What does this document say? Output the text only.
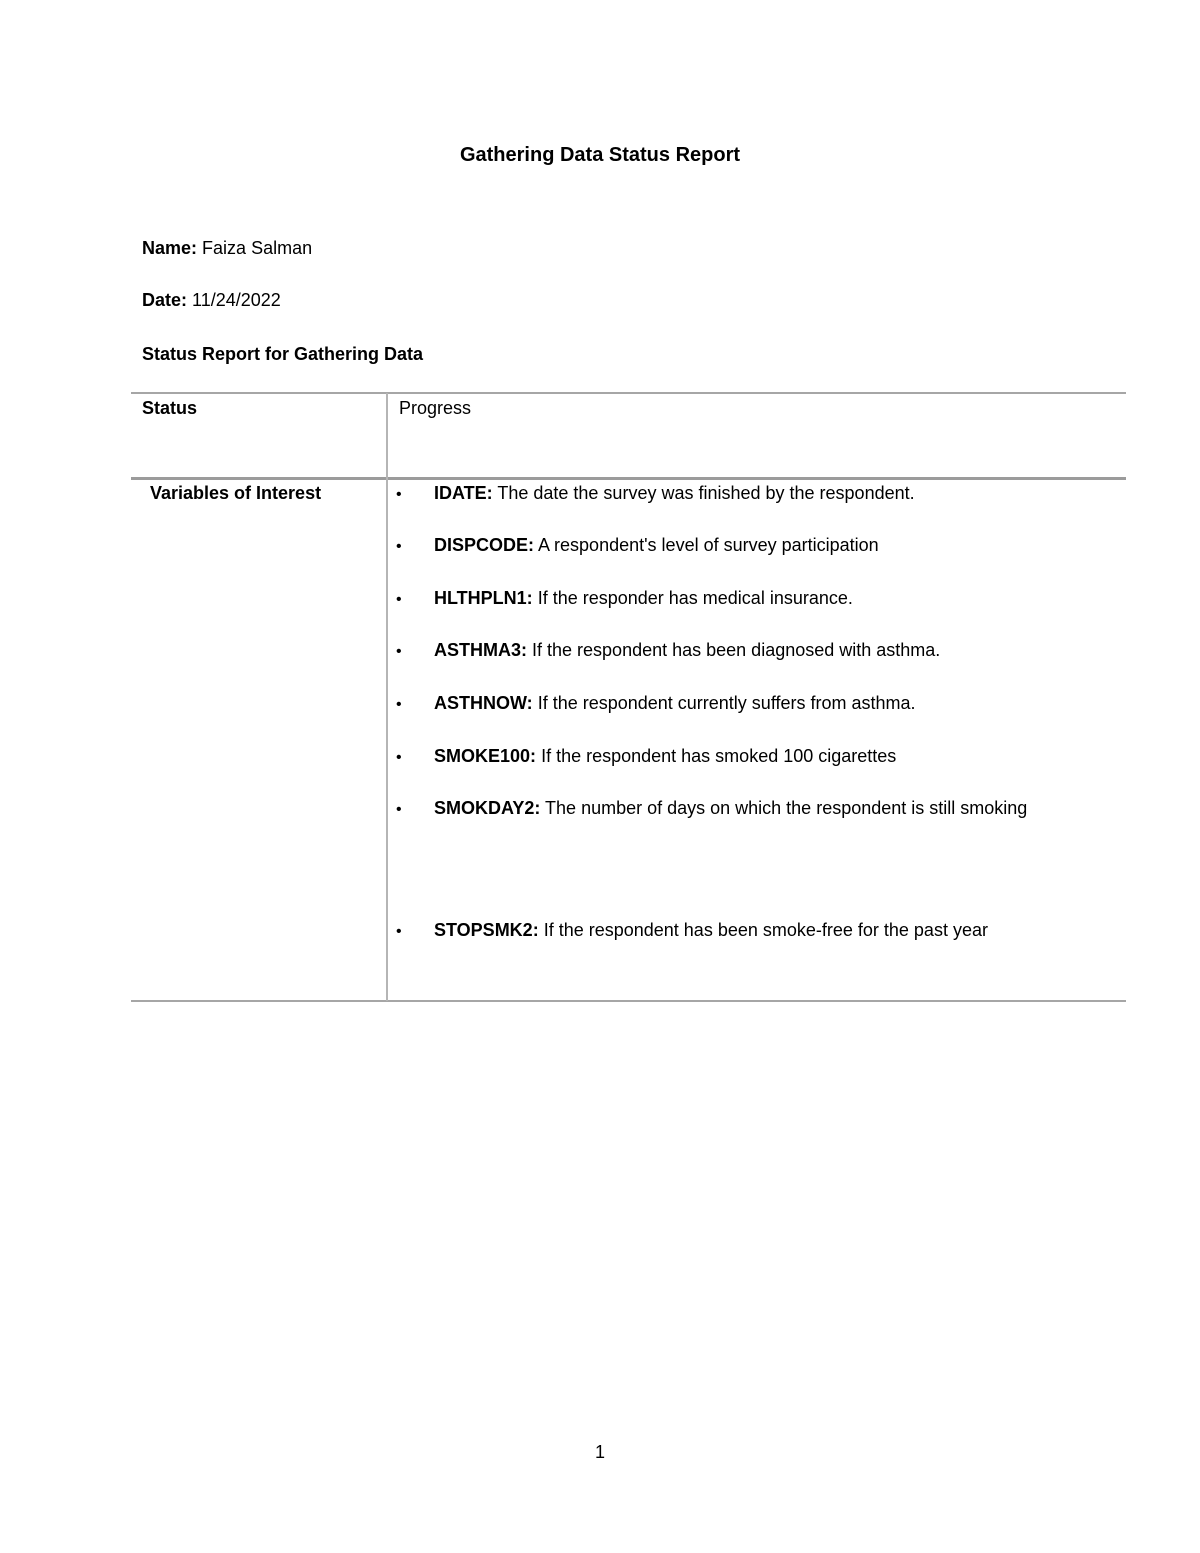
Gathering Data Status Report
Name: Faiza Salman
Date: 11/24/2022
Status Report for Gathering Data
Status	Progress
Variables of Interest	• IDATE: The date the survey was finished by the respondent.
• DISPCODE: A respondent's level of survey participation
• HLTHPLN1: If the responder has medical insurance.
• ASTHMA3: If the respondent has been diagnosed with asthma.
• ASTHNOW: If the respondent currently suffers from asthma.
• SMOKE100: If the respondent has smoked 100 cigarettes
• SMOKDAY2: The number of days on which the respondent is still smoking
• STOPSMK2: If the respondent has been smoke-free for the past year
1
